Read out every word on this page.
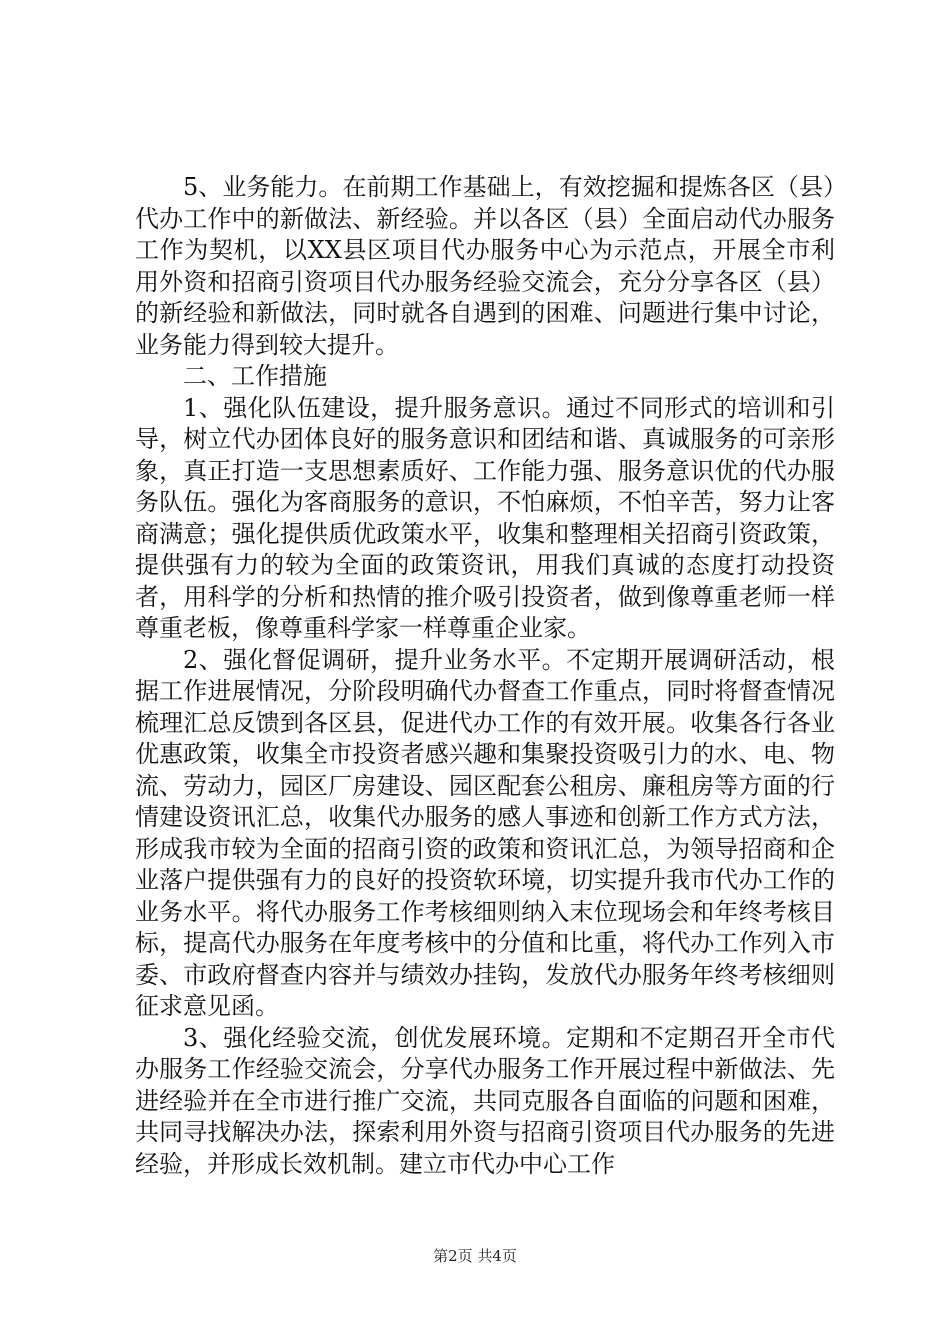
5、业务能力。在前期工作基础上，有效挖掘和提炼各区（县）代办工作中的新做法、新经验。并以各区（县）全面启动代办服务工作为契机，以XX县区项目代办服务中心为示范点，开展全市利用外资和招商引资项目代办服务经验交流会，充分分享各区（县）的新经验和新做法，同时就各自遇到的困难、问题进行集中讨论，业务能力得到较大提升。

二、工作措施

1、强化队伍建设，提升服务意识。通过不同形式的培训和引导，树立代办团体良好的服务意识和团结和谐、真诚服务的可亲形象，真正打造一支思想素质好、工作能力强、服务意识优的代办服务队伍。强化为客商服务的意识，不怕麻烦，不怕辛苦，努力让客商满意；强化提供质优政策水平，收集和整理相关招商引资政策，提供强有力的较为全面的政策资讯，用我们真诚的态度打动投资者，用科学的分析和热情的推介吸引投资者，做到像尊重老师一样尊重老板，像尊重科学家一样尊重企业家。

2、强化督促调研，提升业务水平。不定期开展调研活动，根据工作进展情况，分阶段明确代办督查工作重点，同时将督查情况梳理汇总反馈到各区县，促进代办工作的有效开展。收集各行各业优惠政策，收集全市投资者感兴趣和集聚投资吸引力的水、电、物流、劳动力，园区厂房建设、园区配套公租房、廉租房等方面的行情建设资讯汇总，收集代办服务的感人事迹和创新工作方式方法，形成我市较为全面的招商引资的政策和资讯汇总，为领导招商和企业落户提供强有力的良好的投资软环境，切实提升我市代办工作的业务水平。将代办服务工作考核细则纳入末位现场会和年终考核目标，提高代办服务在年度考核中的分值和比重，将代办工作列入市委、市政府督查内容并与绩效办挂钩，发放代办服务年终考核细则征求意见函。

3、强化经验交流，创优发展环境。定期和不定期召开全市代办服务工作经验交流会，分享代办服务工作开展过程中新做法、先进经验并在全市进行推广交流，共同克服各自面临的问题和困难，共同寻找解决办法，探索利用外资与招商引资项目代办服务的先进经验，并形成长效机制。建立市代办中心工作

第2页 共4页
